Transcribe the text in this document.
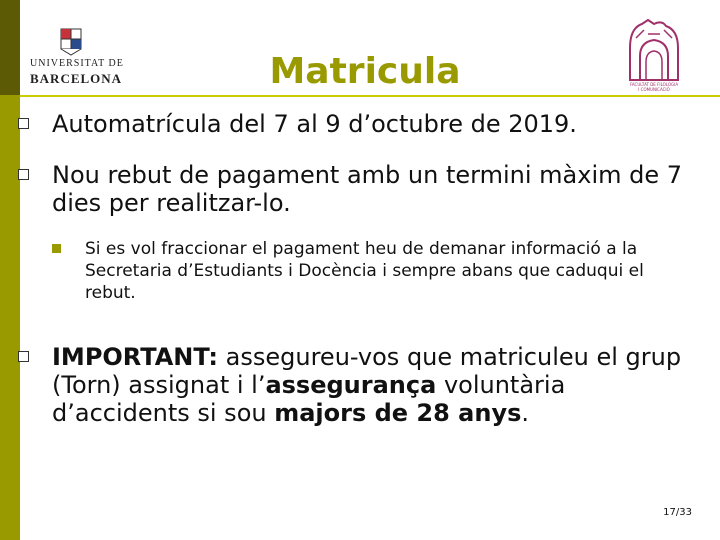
UNIVERSITAT DE
BARCELONA	FACULTAT DE FILOLOGIA
I COMUNICACIÓ
Matricula
Automatrícula del 7 al 9 d’octubre de 2019.
Nou rebut de pagament amb un termini màxim de 7 dies per realitzar-lo.
Si es vol fraccionar el pagament heu de demanar informació a la Secretaria d’Estudiants i Docència i sempre abans que caduqui el rebut.
IMPORTANT: assegureu-vos que matriculeu el grup (Torn) assignat i l’assegurança voluntària d’accidents si sou majors de 28 anys.
17/33
